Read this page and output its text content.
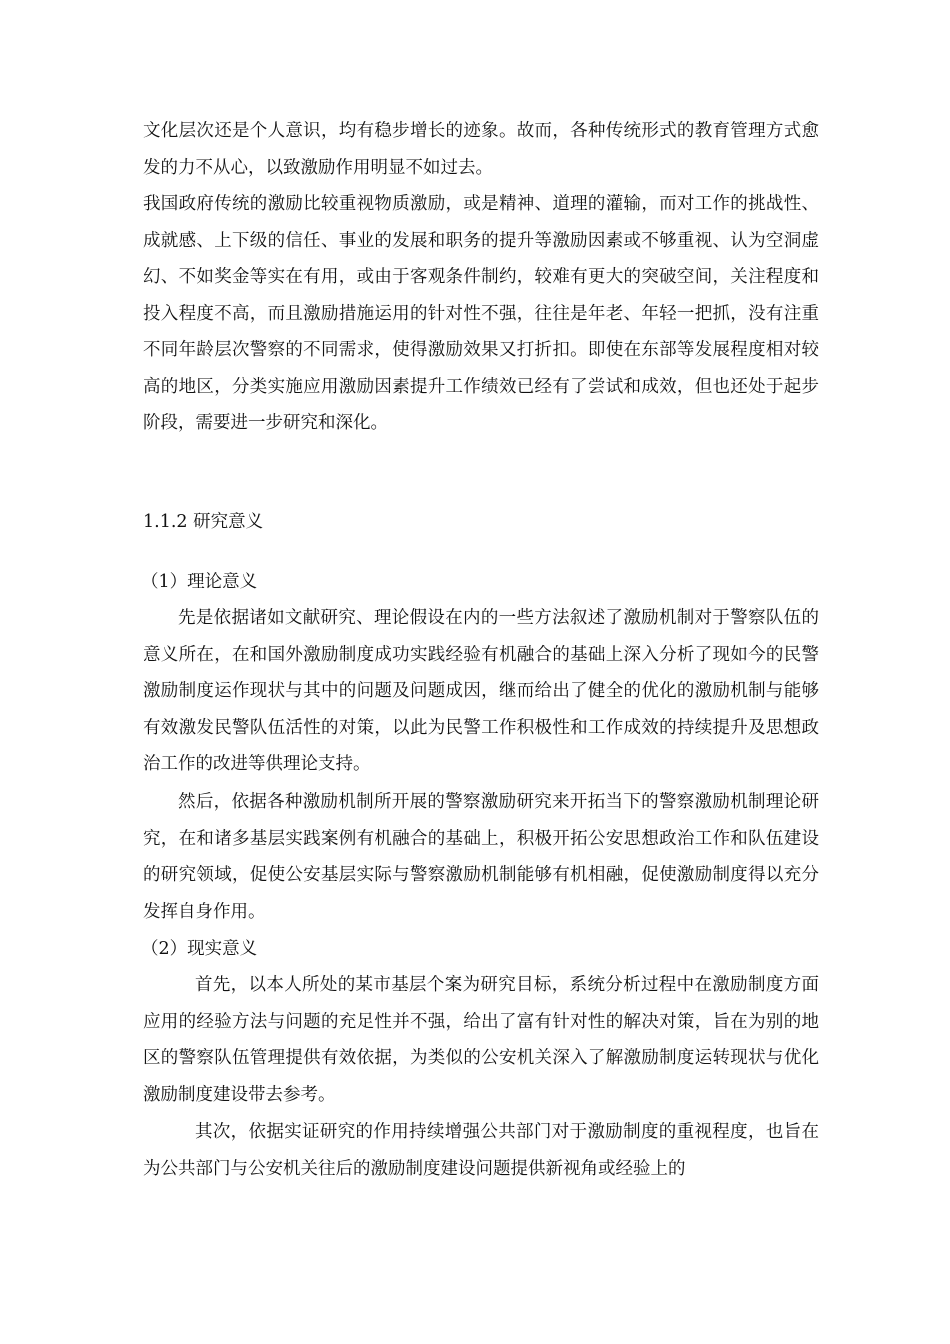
文化层次还是个人意识，均有稳步增长的迹象。故而，各种传统形式的教育管理方式愈发的力不从心，以致激励作用明显不如过去。

我国政府传统的激励比较重视物质激励，或是精神、道理的灌输，而对工作的挑战性、成就感、上下级的信任、事业的发展和职务的提升等激励因素或不够重视、认为空洞虚幻、不如奖金等实在有用，或由于客观条件制约，较难有更大的突破空间，关注程度和投入程度不高，而且激励措施运用的针对性不强，往往是年老、年轻一把抓，没有注重不同年龄层次警察的不同需求，使得激励效果又打折扣。即使在东部等发展程度相对较高的地区，分类实施应用激励因素提升工作绩效已经有了尝试和成效，但也还处于起步阶段，需要进一步研究和深化。

1.1.2 研究意义
（1）理论意义

先是依据诸如文献研究、理论假设在内的一些方法叙述了激励机制对于警察队伍的意义所在，在和国外激励制度成功实践经验有机融合的基础上深入分析了现如今的民警激励制度运作现状与其中的问题及问题成因，继而给出了健全的优化的激励机制与能够有效激发民警队伍活性的对策，以此为民警工作积极性和工作成效的持续提升及思想政治工作的改进等供理论支持。

然后，依据各种激励机制所开展的警察激励研究来开拓当下的警察激励机制理论研究，在和诸多基层实践案例有机融合的基础上，积极开拓公安思想政治工作和队伍建设的研究领域，促使公安基层实际与警察激励机制能够有机相融，促使激励制度得以充分发挥自身作用。

（2）现实意义

首先，以本人所处的某市基层个案为研究目标，系统分析过程中在激励制度方面应用的经验方法与问题的充足性并不强，给出了富有针对性的解决对策，旨在为别的地区的警察队伍管理提供有效依据，为类似的公安机关深入了解激励制度运转现状与优化激励制度建设带去参考。

其次，依据实证研究的作用持续增强公共部门对于激励制度的重视程度，也旨在为公共部门与公安机关往后的激励制度建设问题提供新视角或经验上的
